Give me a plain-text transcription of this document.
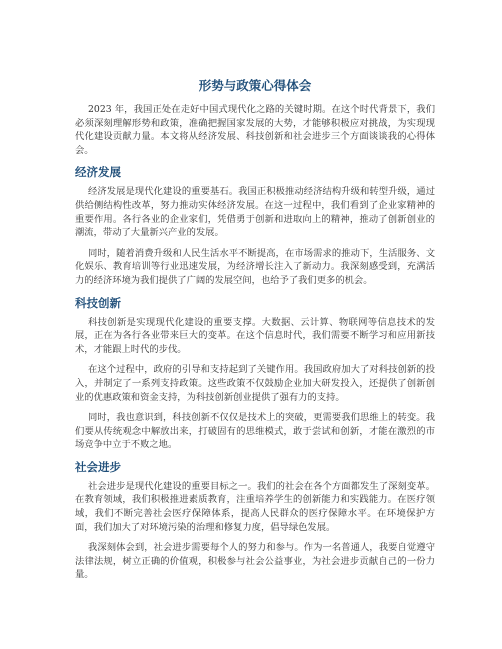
形势与政策心得体会

2023 年，我国正处在走好中国式现代化之路的关键时期。在这个时代背景下，我们必须深刻理解形势和政策，准确把握国家发展的大势，才能够积极应对挑战，为实现现代化建设贡献力量。本文将从经济发展、科技创新和社会进步三个方面谈谈我的心得体会。

经济发展

经济发展是现代化建设的重要基石。我国正积极推动经济结构升级和转型升级，通过供给侧结构性改革，努力推动实体经济发展。在这一过程中，我们看到了企业家精神的重要作用。各行各业的企业家们，凭借勇于创新和进取向上的精神，推动了创新创业的潮流，带动了大量新兴产业的发展。

同时，随着消费升级和人民生活水平不断提高，在市场需求的推动下，生活服务、文化娱乐、教育培训等行业迅速发展，为经济增长注入了新动力。我深刻感受到，充满活力的经济环境为我们提供了广阔的发展空间，也给予了我们更多的机会。

科技创新

科技创新是实现现代化建设的重要支撑。大数据、云计算、物联网等信息技术的发展，正在为各行各业带来巨大的变革。在这个信息时代，我们需要不断学习和应用新技术，才能跟上时代的步伐。

在这个过程中，政府的引导和支持起到了关键作用。我国政府加大了对科技创新的投入，并制定了一系列支持政策。这些政策不仅鼓励企业加大研发投入，还提供了创新创业的优惠政策和资金支持，为科技创新创业提供了强有力的支持。

同时，我也意识到，科技创新不仅仅是技术上的突破，更需要我们思维上的转变。我们要从传统观念中解放出来，打破固有的思维模式，敢于尝试和创新，才能在激烈的市场竞争中立于不败之地。

社会进步

社会进步是现代化建设的重要目标之一。我们的社会在各个方面都发生了深刻变革。在教育领域，我们积极推进素质教育，注重培养学生的创新能力和实践能力。在医疗领域，我们不断完善社会医疗保障体系，提高人民群众的医疗保障水平。在环境保护方面，我们加大了对环境污染的治理和修复力度，倡导绿色发展。

我深刻体会到，社会进步需要每个人的努力和参与。作为一名普通人，我要自觉遵守法律法规，树立正确的价值观，积极参与社会公益事业，为社会进步贡献自己的一份力量。
